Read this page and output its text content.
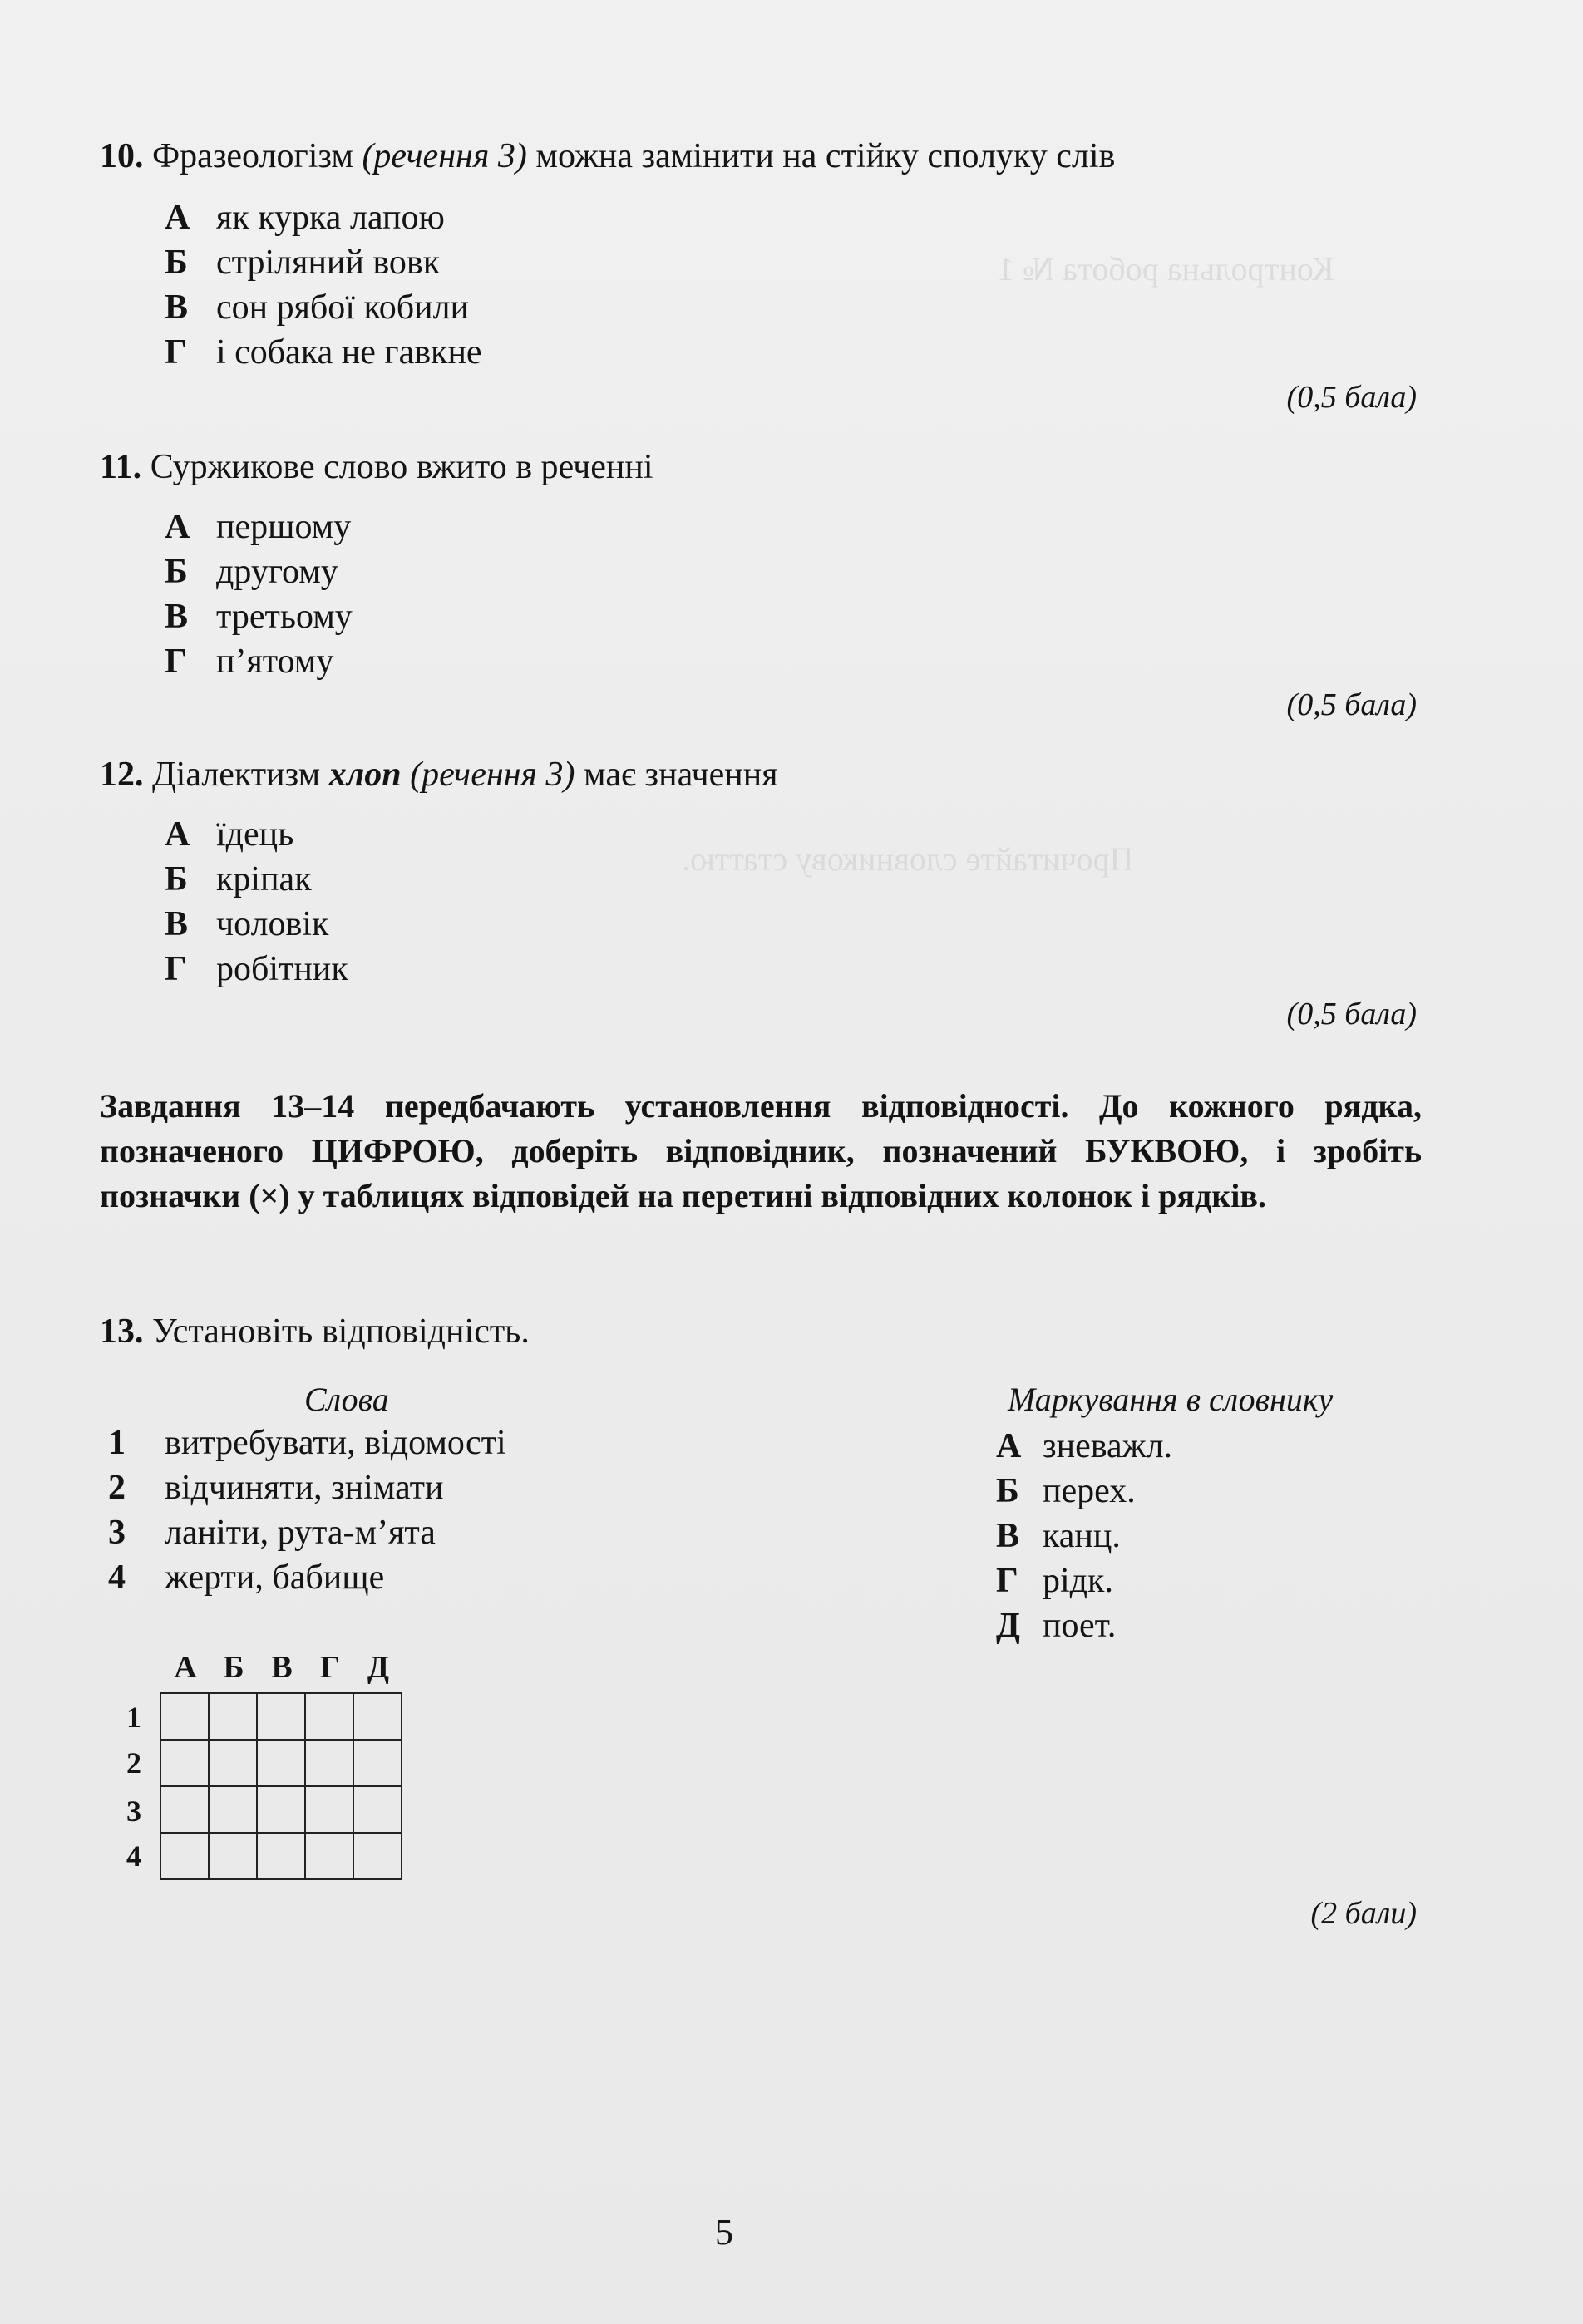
Контрольна робота № 1
Прочитайте словникову статтю.
10. Фразеологізм (речення 3) можна замінити на стійку сполуку слів
А як курка лапою
Б стріляний вовк
В сон рябої кобили
Г і собака не гавкне
(0,5 бала)
11. Суржикове слово вжито в реченні
А першому
Б другому
В третьому
Г п’ятому
(0,5 бала)
12. Діалектизм хлоп (речення 3) має значення
А їдець
Б кріпак
В чоловік
Г робітник
(0,5 бала)
Завдання 13–14 передбачають установлення відповідності. До кожного рядка, позначеного ЦИФРОЮ, доберіть відповідник, позначений БУКВОЮ, і зробіть позначки (×) у таблицях відповідей на перетині відповідних колонок і рядків.
13. Установіть відповідність.
Слова	Маркування в словнику
1 витребувати, відомості
2 відчиняти, знімати
3 ланіти, рута-м’ята
4 жерти, бабище
А зневажл.
Б перех.
В канц.
Г рідк.
Д поет.
А Б В Г Д
1
2
3
4

(2 бали)
5
